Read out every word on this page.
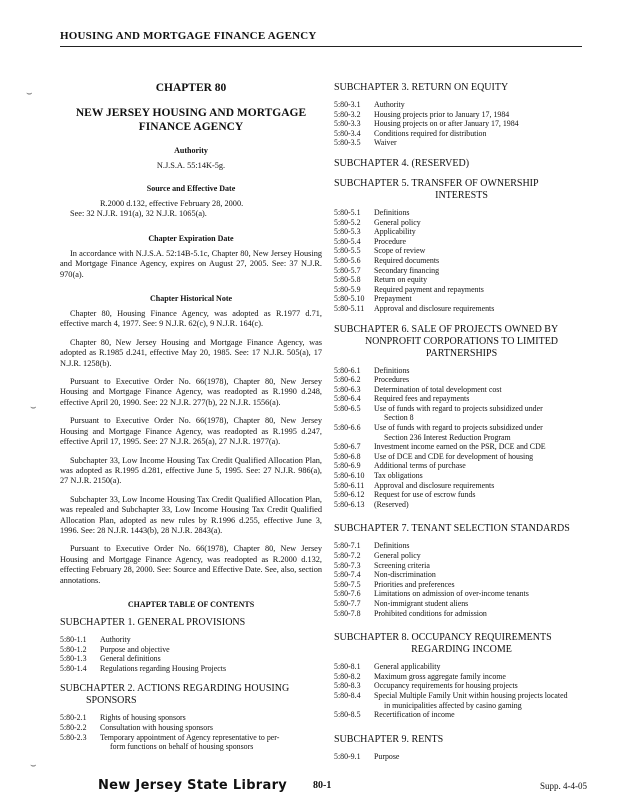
HOUSING AND MORTGAGE FINANCE AGENCY
CHAPTER 80
NEW JERSEY HOUSING AND MORTGAGE
FINANCE AGENCY
Authority
N.J.S.A. 55:14K-5g.
Source and Effective Date
R.2000 d.132, effective February 28, 2000.
See: 32 N.J.R. 191(a), 32 N.J.R. 1065(a).
Chapter Expiration Date
In accordance with N.J.S.A. 52:14B-5.1c, Chapter 80, New Jersey Housing and Mortgage Finance Agency, expires on August 27, 2005. See: 37 N.J.R. 970(a).
Chapter Historical Note
Chapter 80, Housing Finance Agency, was adopted as R.1977 d.71, effective march 4, 1977. See: 9 N.J.R. 62(c), 9 N.J.R. 164(c).
Chapter 80, New Jersey Housing and Mortgage Finance Agency, was adopted as R.1985 d.241, effective May 20, 1985. See: 17 N.J.R. 505(a), 17 N.J.R. 1258(b).
Pursuant to Executive Order No. 66(1978), Chapter 80, New Jersey Housing and Mortgage Finance Agency, was readopted as R.1990 d.248, effective April 20, 1990. See: 22 N.J.R. 277(b), 22 N.J.R. 1556(a).
Pursuant to Executive Order No. 66(1978), Chapter 80, New Jersey Housing and Mortgage Finance Agency, was readopted as R.1995 d.247, effective April 17, 1995. See: 27 N.J.R. 265(a), 27 N.J.R. 1977(a).
Subchapter 33, Low Income Housing Tax Credit Qualified Allocation Plan, was adopted as R.1995 d.281, effective June 5, 1995. See: 27 N.J.R. 986(a), 27 N.J.R. 2150(a).
Subchapter 33, Low Income Housing Tax Credit Qualified Allocation Plan, was repealed and Subchapter 33, Low Income Housing Tax Credit Qualified Allocation Plan, adopted as new rules by R.1996 d.255, effective June 3, 1996. See: 28 N.J.R. 1443(b), 28 N.J.R. 2843(a).
Pursuant to Executive Order No. 66(1978), Chapter 80, New Jersey Housing and Mortgage Finance Agency, was readopted as R.2000 d.132, effecting February 28, 2000. See: Source and Effective Date. See, also, section annotations.
CHAPTER TABLE OF CONTENTS
SUBCHAPTER 1. GENERAL PROVISIONS
5:80-1.1	Authority
5:80-1.2	Purpose and objective
5:80-1.3	General definitions
5:80-1.4	Regulations regarding Housing Projects
SUBCHAPTER 2. ACTIONS REGARDING HOUSING
SPONSORS
5:80-2.1	Rights of housing sponsors
5:80-2.2	Consultation with housing sponsors
5:80-2.3	Temporary appointment of Agency representative to per-
form functions on behalf of housing sponsors
SUBCHAPTER 3. RETURN ON EQUITY
5:80-3.1	Authority
5:80-3.2	Housing projects prior to January 17, 1984
5:80-3.3	Housing projects on or after January 17, 1984
5:80-3.4	Conditions required for distribution
5:80-3.5	Waiver
SUBCHAPTER 4. (RESERVED)
SUBCHAPTER 5. TRANSFER OF OWNERSHIP
INTERESTS
5:80-5.1	Definitions
5:80-5.2	General policy
5:80-5.3	Applicability
5:80-5.4	Procedure
5:80-5.5	Scope of review
5:80-5.6	Required documents
5:80-5.7	Secondary financing
5:80-5.8	Return on equity
5:80-5.9	Required payment and repayments
5:80-5.10	Prepayment
5:80-5.11	Approval and disclosure requirements
SUBCHAPTER 6. SALE OF PROJECTS OWNED BY
NONPROFIT CORPORATIONS TO LIMITED
PARTNERSHIPS
5:80-6.1	Definitions
5:80-6.2	Procedures
5:80-6.3	Determination of total development cost
5:80-6.4	Required fees and repayments
5:80-6.5	Use of funds with regard to projects subsidized under
Section 8
5:80-6.6	Use of funds with regard to projects subsidized under
Section 236 Interest Reduction Program
5:80-6.7	Investment income earned on the PSR, DCE and CDE
5:80-6.8	Use of DCE and CDE for development of housing
5:80-6.9	Additional terms of purchase
5:80-6.10	Tax obligations
5:80-6.11	Approval and disclosure requirements
5:80-6.12	Request for use of escrow funds
5:80-6.13	(Reserved)
SUBCHAPTER 7. TENANT SELECTION STANDARDS
5:80-7.1	Definitions
5:80-7.2	General policy
5:80-7.3	Screening criteria
5:80-7.4	Non-discrimination
5:80-7.5	Priorities and preferences
5:80-7.6	Limitations on admission of over-income tenants
5:80-7.7	Non-immigrant student aliens
5:80-7.8	Prohibited conditions for admission
SUBCHAPTER 8. OCCUPANCY REQUIREMENTS
REGARDING INCOME
5:80-8.1	General applicability
5:80-8.2	Maximum gross aggregate family income
5:80-8.3	Occupancy requirements for housing projects
5:80-8.4	Special Multiple Family Unit within housing projects located
in municipalities affected by casino gaming
5:80-8.5	Recertification of income
SUBCHAPTER 9. RENTS
5:80-9.1	Purpose
⌣
⌣
⌣
New Jersey State Library	80-1	Supp. 4-4-05
